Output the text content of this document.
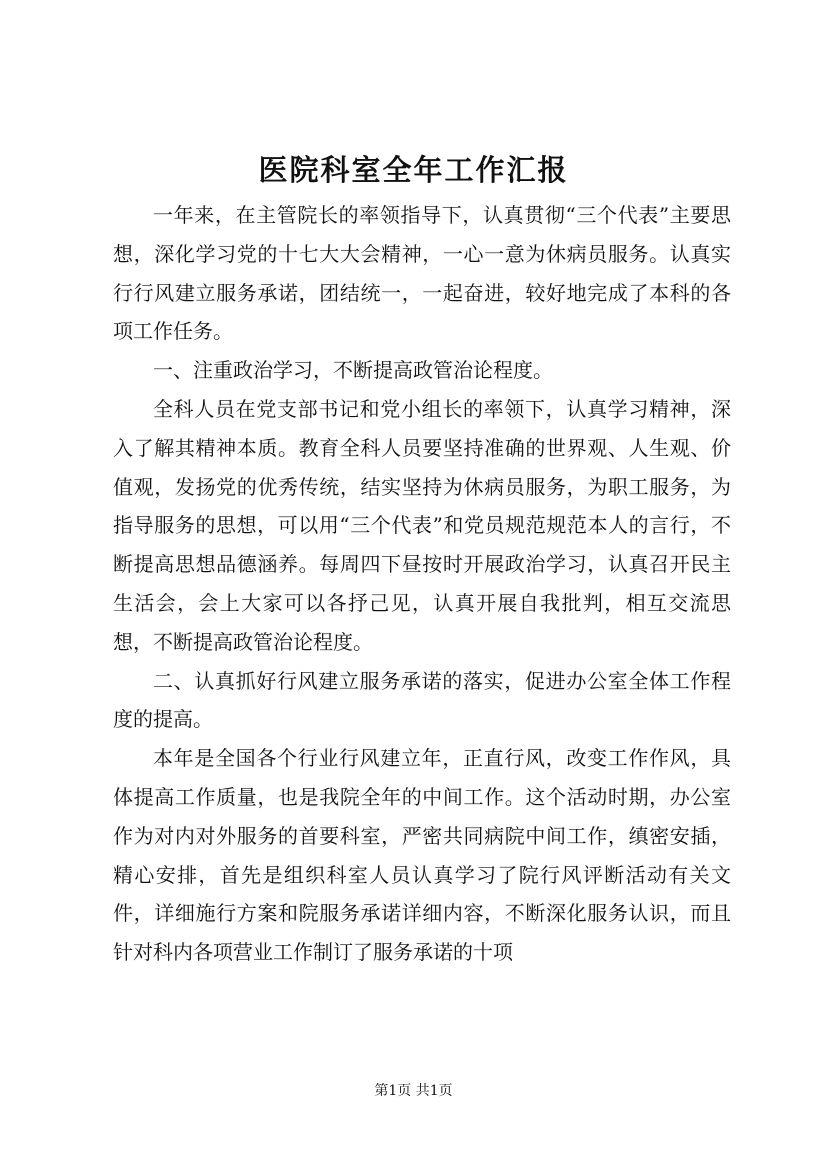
医院科室全年工作汇报

一年来，在主管院长的率领指导下，认真贯彻“三个代表”主要思想，深化学习党的十七大大会精神，一心一意为休病员服务。认真实行行风建立服务承诺，团结统一，一起奋进，较好地完成了本科的各项工作任务。

一、注重政治学习，不断提高政管治论程度。

全科人员在党支部书记和党小组长的率领下，认真学习精神，深入了解其精神本质。教育全科人员要坚持准确的世界观、人生观、价值观，发扬党的优秀传统，结实坚持为休病员服务，为职工服务，为指导服务的思想，可以用“三个代表”和党员规范规范本人的言行，不断提高思想品德涵养。每周四下昼按时开展政治学习，认真召开民主生活会，会上大家可以各抒己见，认真开展自我批判，相互交流思想，不断提高政管治论程度。

二、认真抓好行风建立服务承诺的落实，促进办公室全体工作程度的提高。

本年是全国各个行业行风建立年，正直行风，改变工作作风，具体提高工作质量，也是我院全年的中间工作。这个活动时期，办公室作为对内对外服务的首要科室，严密共同病院中间工作，缜密安插，精心安排，首先是组织科室人员认真学习了院行风评断活动有关文件，详细施行方案和院服务承诺详细内容，不断深化服务认识，而且针对科内各项营业工作制订了服务承诺的十项

第1页 共1页
